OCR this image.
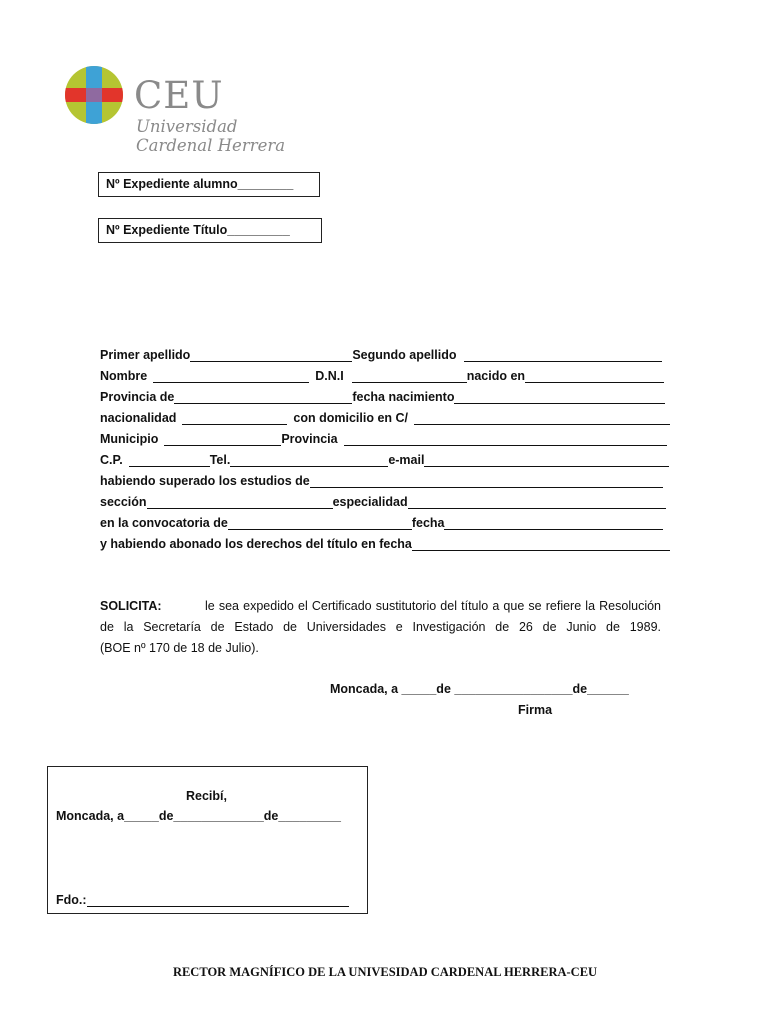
CEU
Universidad
Cardenal Herrera
Nº Expediente alumno________
Nº Expediente Título_________
Primer apellido	Segundo apellido
Nombre	D.N.I	nacido en
Provincia de	fecha nacimiento
nacionalidad	con domicilio en C/
Municipio	Provincia
C.P.	Tel.	e-mail
habiendo superado los estudios de
sección	especialidad
en la convocatoria de	fecha
y habiendo abonado los derechos del título en fecha
SOLICITA:	le sea expedido el Certificado sustitutorio del título a que se refiere la Resolución
de la Secretaría de Estado de Universidades e Investigación de 26 de Junio de 1989.
(BOE nº 170 de 18 de Julio).
Moncada, a _____de _________________de______
Firma
Recibí,
Moncada, a_____de_____________de_________
Fdo.:
RECTOR MAGNÍFICO DE LA UNIVESIDAD CARDENAL HERRERA-CEU
